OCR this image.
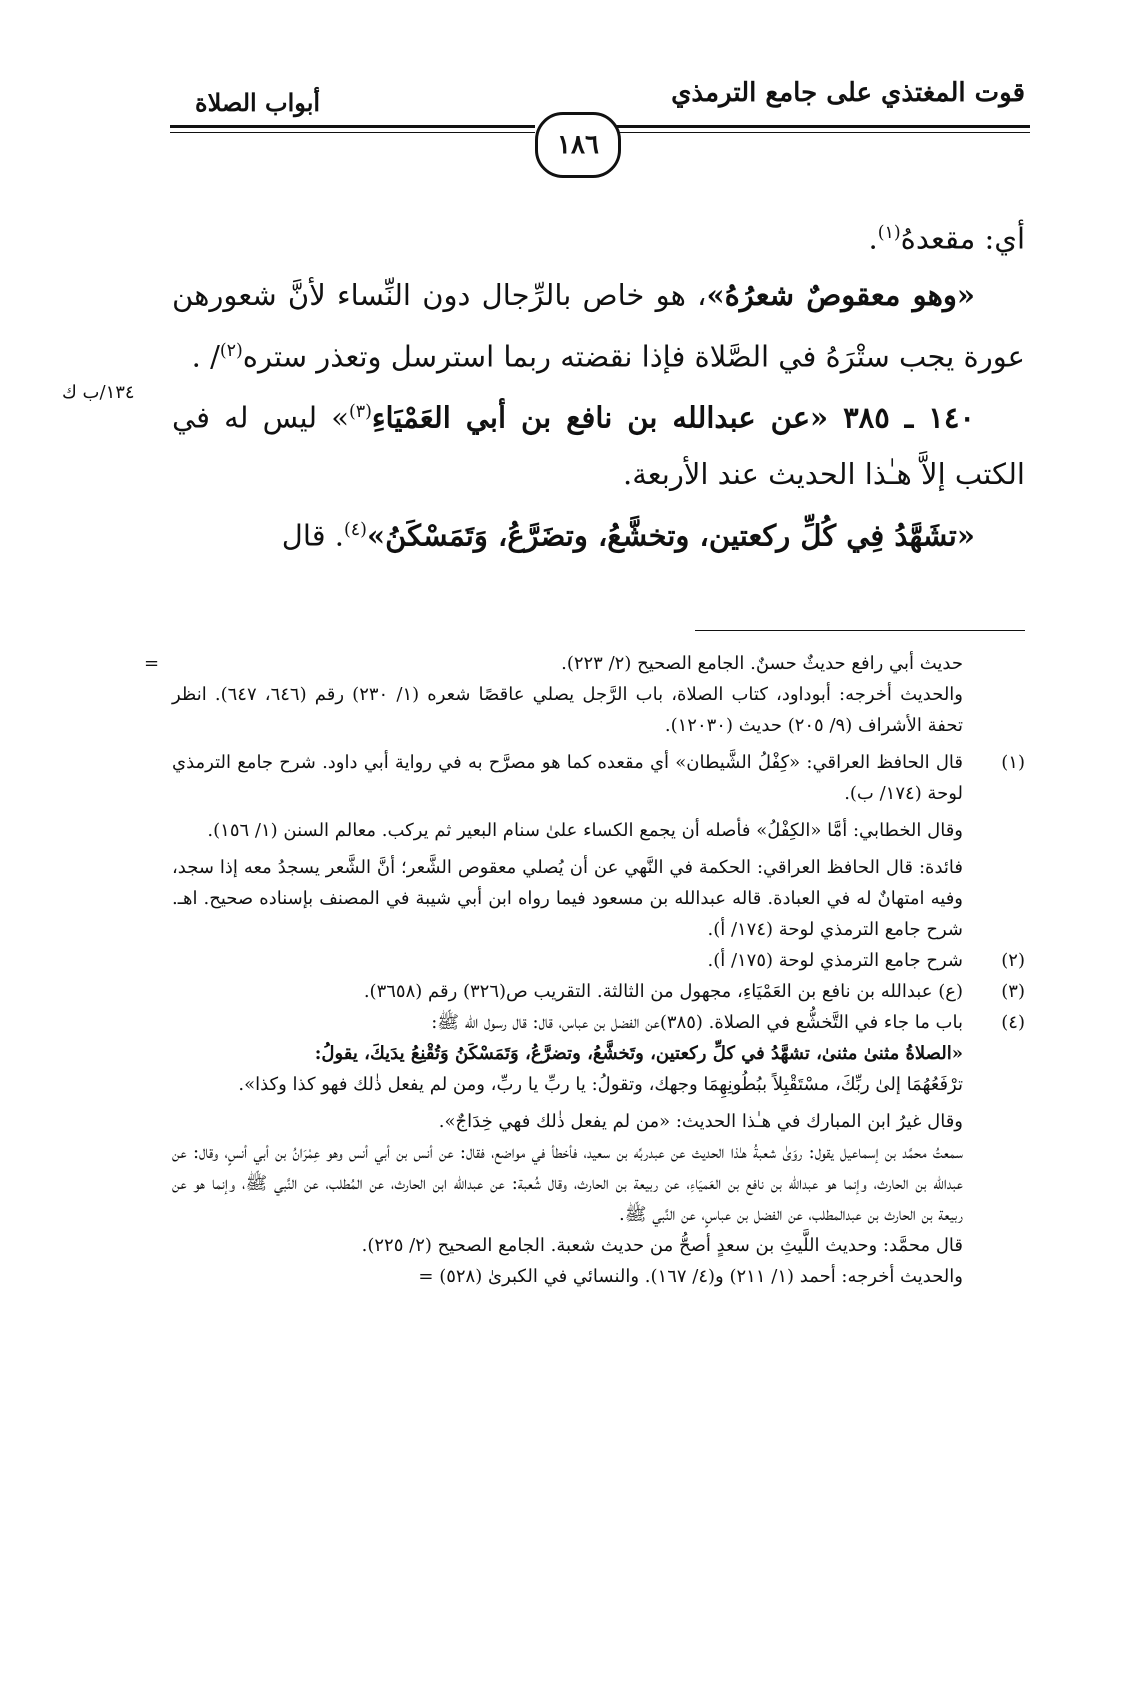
قوت المغتذي على جامع الترمذي
أبواب الصلاة
١٨٦
١٣٤/ب ك

أي: مقعدهُ$^{(١)}$.

«وهو معقوصٌ شعرُهُ»، هو خاص بالرِّجال دون النِّساء لأنَّ شعورهن عورة يجب ستْرَهُ في الصَّلاة فإذا نقضته ربما استرسل وتعذر ستره$^{(٢)}$/ .

١٤٠ ـ ٣٨٥ «عن عبدالله بن نافع بن أبي العَمْيَاءِ$^{(٣)}$» ليس له في الكتب إلاَّ هـٰذا الحديث عند الأربعة.

«تشَهَّدُ فِي كُلِّ ركعتين، وتخشَّعُ، وتضَرَّعُ، وَتَمَسْكَنُ»$^{(٤)}$. قال

=	حديث أبي رافع حديثٌ حسنٌ. الجامع الصحيح (٢/ ٢٢٣).

والحديث أخرجه: أبوداود، كتاب الصلاة، باب الرَّجل يصلي عاقصًا شعره (١/ ٢٣٠) رقم (٦٤٦، ٦٤٧). انظر تحفة الأشراف (٩/ ٢٠٥) حديث (١٢٠٣٠).

(١)

قال الحافظ العراقي: «كِفْلُ الشَّيطان» أي مقعده كما هو مصرَّح به في رواية أبي داود. شرح جامع الترمذي لوحة (١٧٤/ ب).

وقال الخطابي: أمَّا «الكِفْلُ» فأصله أن يجمع الكساء علىٰ سنام البعير ثم يركب. معالم السنن (١/ ١٥٦).

فائدة: قال الحافظ العراقي: الحكمة في النَّهي عن أن يُصلي معقوص الشَّعر؛ أنَّ الشَّعر يسجدُ معه إذا سجد، وفيه امتهانٌ له في العبادة. قاله عبدالله بن مسعود فيما رواه ابن أبي شيبة في المصنف بإسناده صحيح. اهـ. شرح جامع الترمذي لوحة (١٧٤/ أ).

(٢)

شرح جامع الترمذي لوحة (١٧٥/ أ).

(٣)

(ع) عبدالله بن نافع بن العَمْيَاءِ، مجهول من الثالثة. التقريب ص(٣٢٦) رقم (٣٦٥٨).

(٤)

باب ما جاء في التَّخشُّع في الصلاة. (٣٨٥)عن الفضل بن عباس، قال: قال رسول الله ﷺ:

«الصلاةُ مثنىٰ مثنىٰ، تشهَّدُ في كلِّ ركعتين، وتَخشَّعُ، وتضرَّعُ، وَتَمَسْكَنُ وَتُقْنِعُ يدَيكَ، يقولُ:

ترْفَعُهُمَا إلىٰ ربِّكَ، مسْتَقْبِلاً ببُطُونِهِمَا وجهك، وتقولُ: يا ربِّ يا ربِّ، ومن لم يفعل ذٰلك فهو كذا وكذا».

وقال غيرُ ابن المبارك في هـٰذا الحديث: «من لم يفعل ذٰلك فهي خِدَاجٌ».

سمعتُ محمَّد بن إسماعيل يقول: روَىٰ شعبةُ هـٰذا الحديث عن عبدربِّه بن سعيد، فأخطأ في مواضع، فقال: عن أنس بن أبي أنس وهو عِمْرَانُ بن أبي أنسٍ، وقال: عن عبدالله بن الحارث، وإنما هو عبدالله بن نافع بن العَميَاءِ، عن ربيعة بن الحارث، وقال شُعبة: عن عبدالله ابن الحارث، عن المُطلب، عن النَّبي ﷺ، وإنما هو عن ربيعة بن الحارث بن عبدالمطلب، عن الفضل بن عباسٍ، عن النَّبي ﷺ.

قال محمَّد: وحديث اللَّيثِ بن سعدٍ أصحُّ من حديث شعبة. الجامع الصحيح (٢/ ٢٢٥).

والحديث أخرجه: أحمد (١/ ٢١١) و(٤/ ١٦٧). والنسائي في الكبرىٰ (٥٢٨) =
